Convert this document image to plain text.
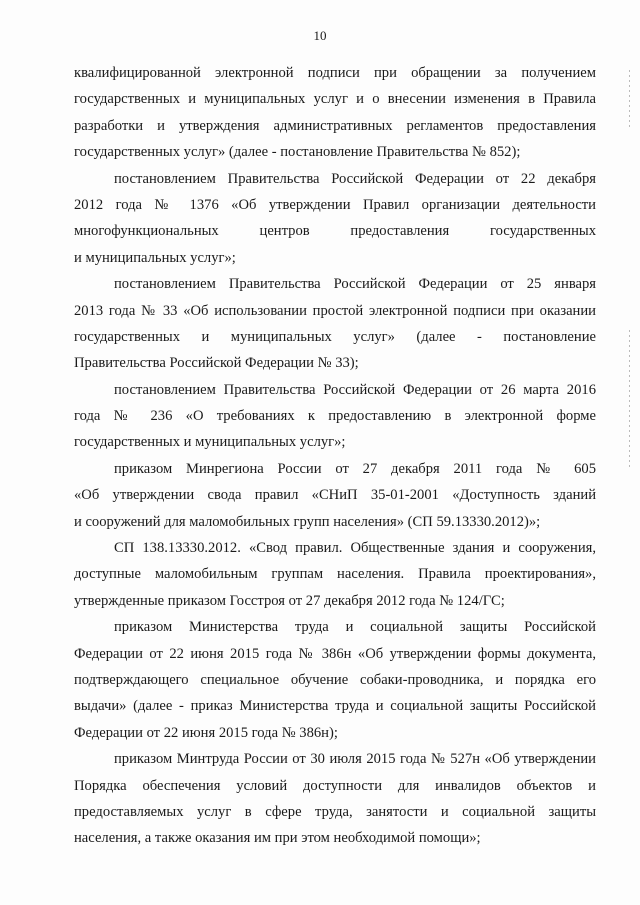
10
квалифицированной электронной подписи при обращении за получением
государственных и муниципальных услуг и о внесении изменения в Правила
разработки и утверждения административных регламентов предоставления
государственных услуг» (далее - постановление Правительства № 852);
постановлением Правительства Российской Федерации от 22 декабря
2012 года № 1376 «Об утверждении Правил организации деятельности
многофункциональных центров предоставления государственных
и муниципальных услуг»;
постановлением Правительства Российской Федерации от 25 января
2013 года № 33 «Об использовании простой электронной подписи при оказании
государственных и муниципальных услуг» (далее - постановление
Правительства Российской Федерации № 33);
постановлением Правительства Российской Федерации от 26 марта 2016
года № 236 «О требованиях к предоставлению в электронной форме
государственных и муниципальных услуг»;
приказом Минрегиона России от 27 декабря 2011 года № 605
«Об утверждении свода правил «СНиП 35-01-2001 «Доступность зданий
и сооружений для маломобильных групп населения» (СП 59.13330.2012)»;
СП 138.13330.2012. «Свод правил. Общественные здания и сооружения,
доступные маломобильным группам населения. Правила проектирования»,
утвержденные приказом Госстроя от 27 декабря 2012 года № 124/ГС;
приказом Министерства труда и социальной защиты Российской
Федерации от 22 июня 2015 года № 386н «Об утверждении формы документа,
подтверждающего специальное обучение собаки-проводника, и порядка его
выдачи» (далее - приказ Министерства труда и социальной защиты Российской
Федерации от 22 июня 2015 года № 386н);
приказом Минтруда России от 30 июля 2015 года № 527н «Об утверждении
Порядка обеспечения условий доступности для инвалидов объектов и
предоставляемых услуг в сфере труда, занятости и социальной защиты
населения, а также оказания им при этом необходимой помощи»;
